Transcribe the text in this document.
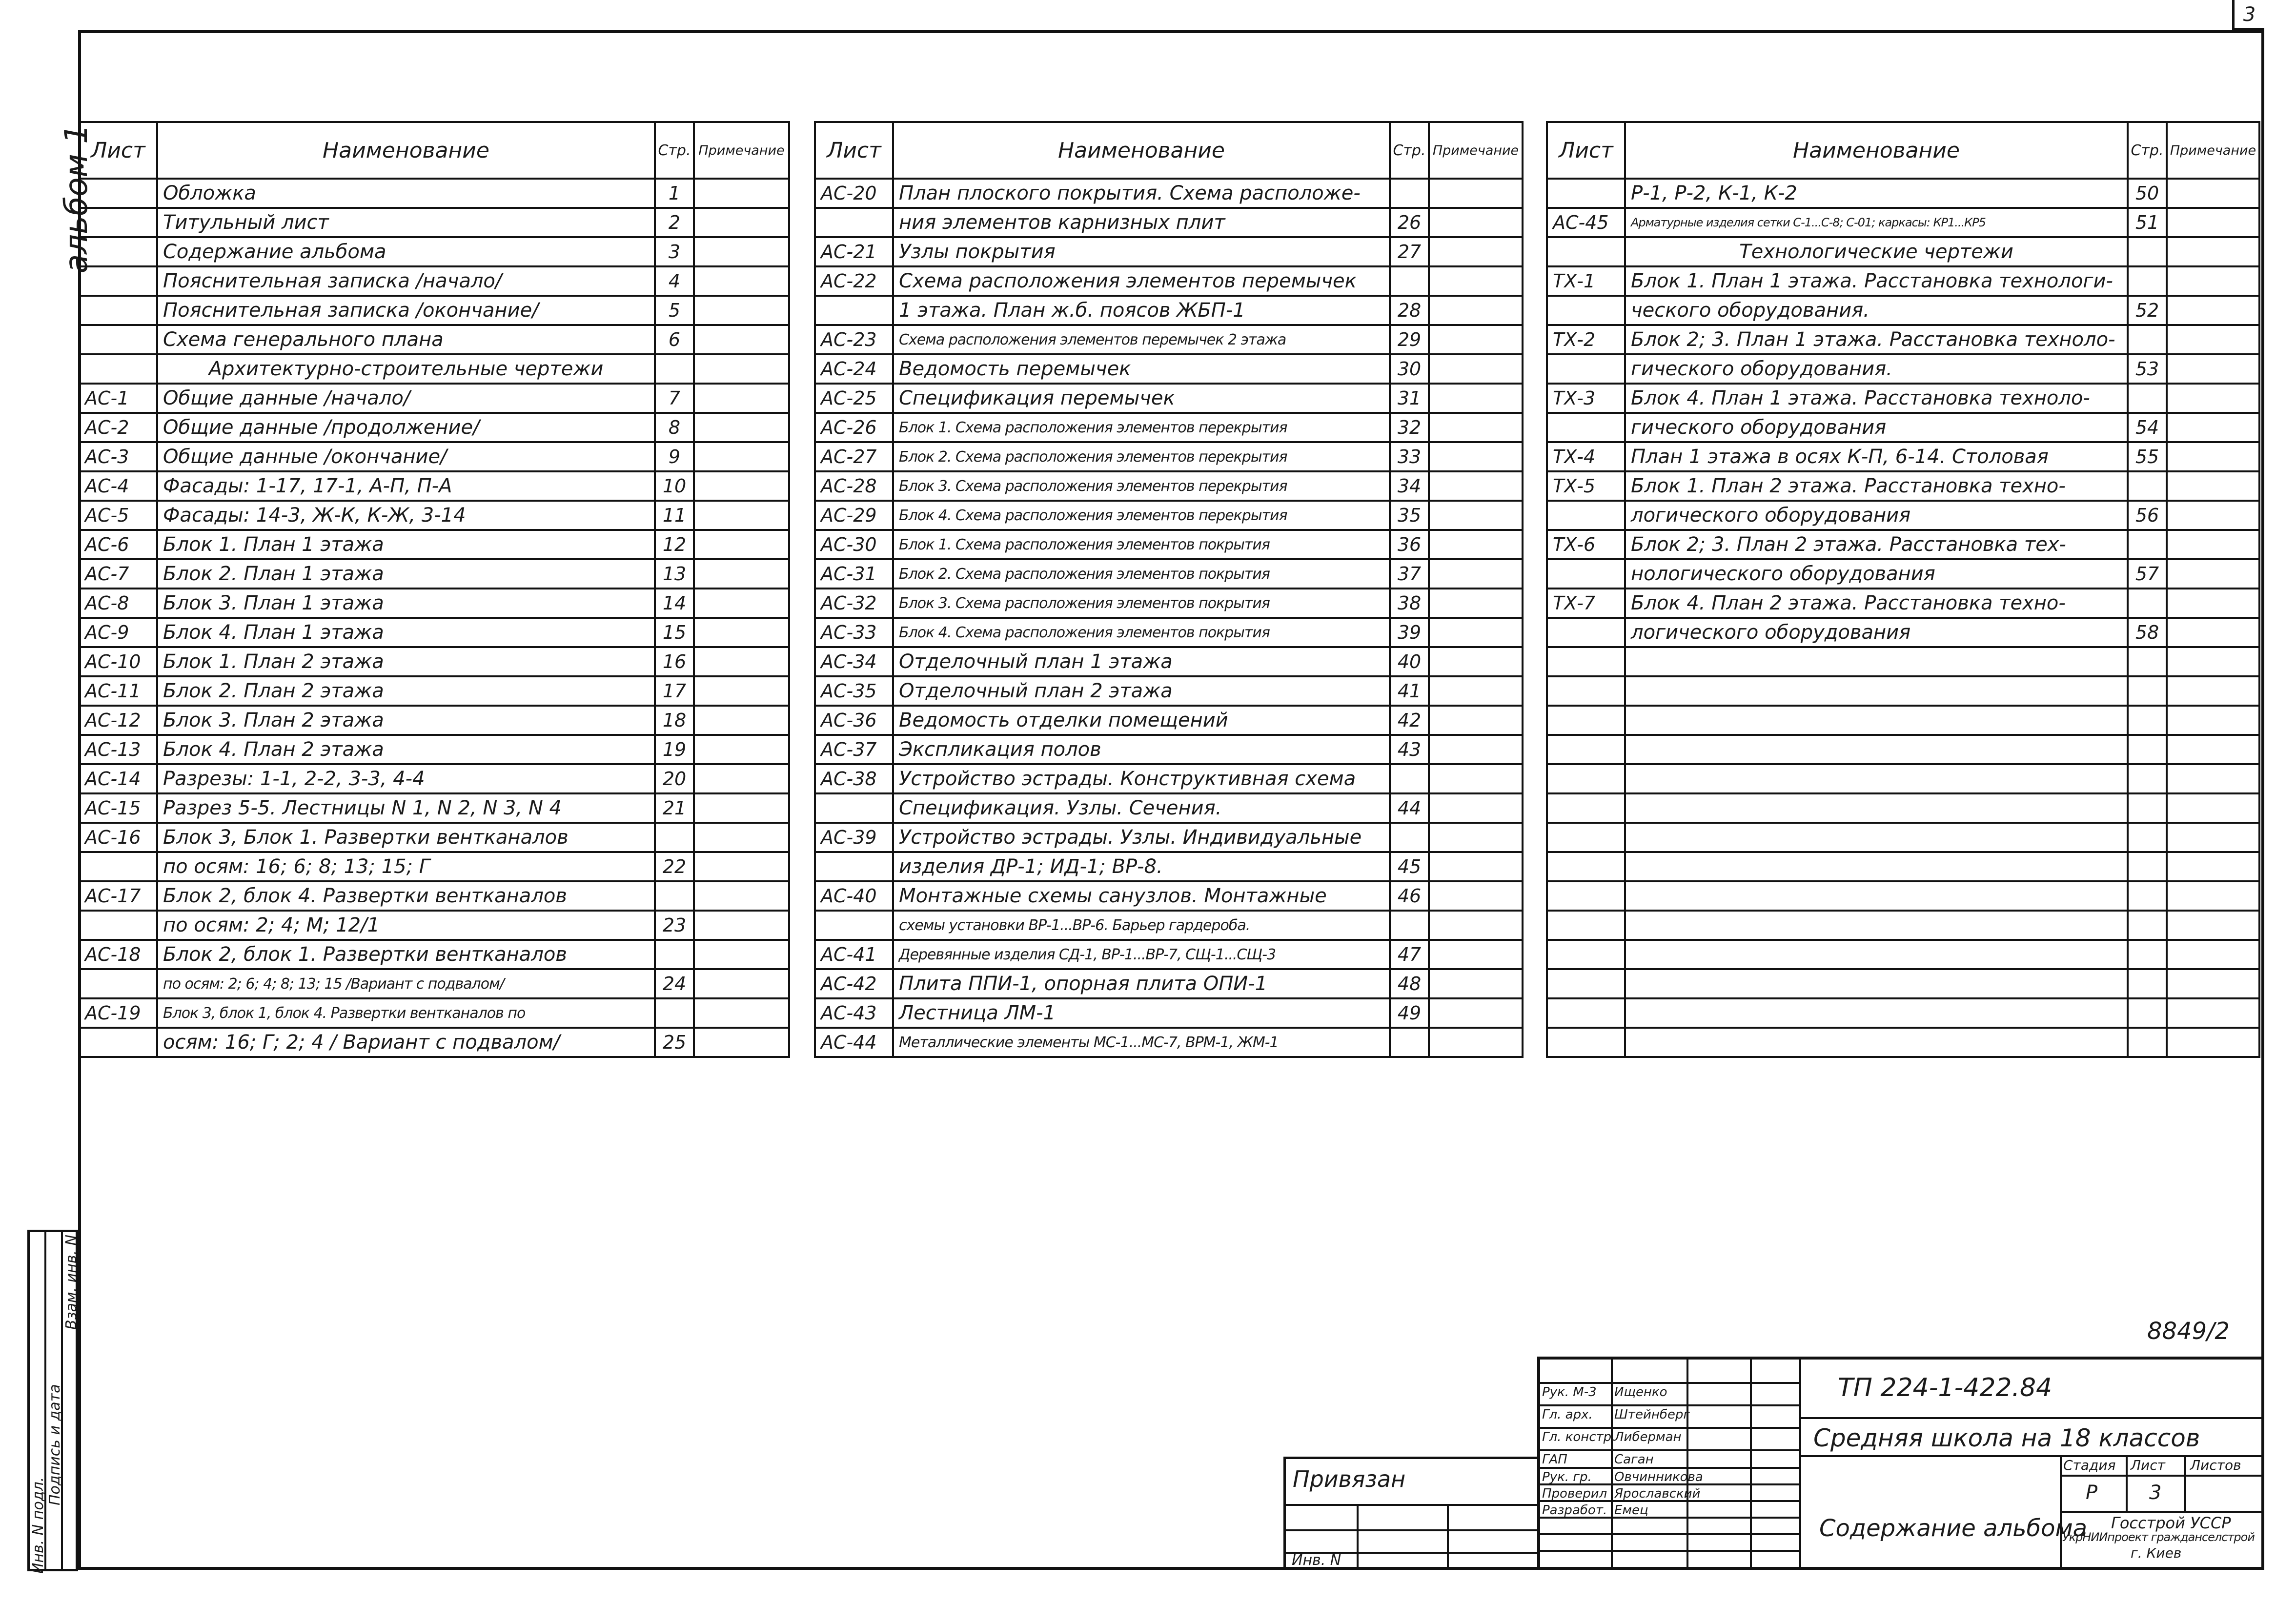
3
альбом 1
Инв. N подл.
Подпись и дата
Взам. инв. N
Лист	Наименование	Стр.	Примечание
	Обложка	1	
	Титульный лист	2	
	Содержание альбома	3	
	Пояснительная записка /начало/	4	
	Пояснительная записка /окончание/	5	
	Схема генерального плана	6	
	Архитектурно-строительные чертежи		
АС-1	Общие данные /начало/	7	
АС-2	Общие данные /продолжение/	8	
АС-3	Общие данные /окончание/	9	
АС-4	Фасады: 1-17, 17-1, А-П, П-А	10	
АС-5	Фасады: 14-3, Ж-К, К-Ж, 3-14	11	
АС-6	Блок 1. План 1 этажа	12	
АС-7	Блок 2. План 1 этажа	13	
АС-8	Блок 3. План 1 этажа	14	
АС-9	Блок 4. План 1 этажа	15	
АС-10	Блок 1. План 2 этажа	16	
АС-11	Блок 2. План 2 этажа	17	
АС-12	Блок 3. План 2 этажа	18	
АС-13	Блок 4. План 2 этажа	19	
АС-14	Разрезы: 1-1, 2-2, 3-3, 4-4	20	
АС-15	Разрез 5-5. Лестницы N 1, N 2, N 3, N 4	21	
АС-16	Блок 3, Блок 1. Развертки вентканалов		
	по осям: 16; 6; 8; 13; 15; Г	22	
АС-17	Блок 2, блок 4. Развертки вентканалов		
	по осям: 2; 4; М; 12/1	23	
АС-18	Блок 2, блок 1. Развертки вентканалов		
	по осям: 2; 6; 4; 8; 13; 15 /Вариант с подвалом/	24	
АС-19	Блок 3, блок 1, блок 4. Развертки вентканалов по		
	осям: 16; Г; 2; 4 / Вариант с подвалом/	25	
Лист	Наименование	Стр.	Примечание
АС-20	План плоского покрытия. Схема расположе-		
	ния элементов карнизных плит	26	
АС-21	Узлы покрытия	27	
АС-22	Схема расположения элементов перемычек		
	1 этажа. План ж.б. поясов ЖБП-1	28	
АС-23	Схема расположения элементов перемычек 2 этажа	29	
АС-24	Ведомость перемычек	30	
АС-25	Спецификация перемычек	31	
АС-26	Блок 1. Схема расположения элементов перекрытия	32	
АС-27	Блок 2. Схема расположения элементов перекрытия	33	
АС-28	Блок 3. Схема расположения элементов перекрытия	34	
АС-29	Блок 4. Схема расположения элементов перекрытия	35	
АС-30	Блок 1. Схема расположения элементов покрытия	36	
АС-31	Блок 2. Схема расположения элементов покрытия	37	
АС-32	Блок 3. Схема расположения элементов покрытия	38	
АС-33	Блок 4. Схема расположения элементов покрытия	39	
АС-34	Отделочный план 1 этажа	40	
АС-35	Отделочный план 2 этажа	41	
АС-36	Ведомость отделки помещений	42	
АС-37	Экспликация полов	43	
АС-38	Устройство эстрады. Конструктивная схема		
	Спецификация. Узлы. Сечения.	44	
АС-39	Устройство эстрады. Узлы. Индивидуальные		
	изделия ДР-1; ИД-1; ВР-8.	45	
АС-40	Монтажные схемы санузлов. Монтажные	46	
	схемы установки ВР-1...ВР-6. Барьер гардероба.		
АС-41	Деревянные изделия СД-1, ВР-1...ВР-7, СЩ-1...СЩ-3	47	
АС-42	Плита ППИ-1, опорная плита ОПИ-1	48	
АС-43	Лестница ЛМ-1	49	
АС-44	Металлические элементы МС-1...МС-7, ВРМ-1, ЖМ-1		
Лист	Наименование	Стр.	Примечание
	Р-1, Р-2, К-1, К-2	50	
АС-45	Арматурные изделия сетки С-1...С-8; С-01; каркасы: КР1...КР5	51	
	Технологические чертежи		
ТХ-1	Блок 1. План 1 этажа. Расстановка технологи-		
	ческого оборудования.	52	
ТХ-2	Блок 2; 3. План 1 этажа. Расстановка техноло-		
	гического оборудования.	53	
ТХ-3	Блок 4. План 1 этажа. Расстановка техноло-		
	гического оборудования	54	
ТХ-4	План 1 этажа в осях К-П, 6-14. Столовая	55	
ТХ-5	Блок 1. План 2 этажа. Расстановка техно-		
	логического оборудования	56	
ТХ-6	Блок 2; 3. План 2 этажа. Расстановка тех-		
	нологического оборудования	57	
ТХ-7	Блок 4. План 2 этажа. Расстановка техно-		
	логического оборудования	58	

8849/2
Привязан
Инв. N
ТП 224-1-422.84
Средняя школа на 18 классов
Содержание альбома
Стадия Лист Листов
Р	3
Госстрой УССР
УкрНИИпроект гражданселстрой
г. Киев
Рук. М-3 Ищенко
Гл. арх. Штейнберг
Гл. констр.
Либерман
ГАП	Саган
Рук. гр. Овчинникова
Проверил Ярославский
Разработ. Емец
